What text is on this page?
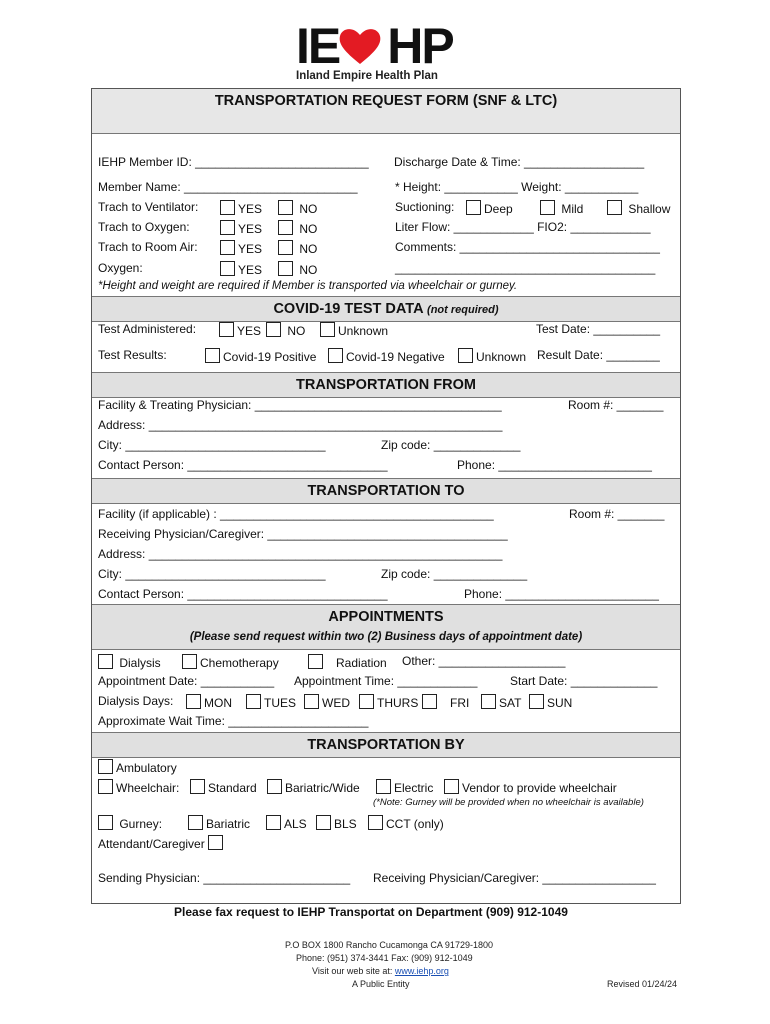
IE HP
Inland Empire Health Plan
TRANSPORTATION REQUEST FORM (SNF & LTC)
IEHP Member ID: __________________________ Discharge Date & Time: __________________
Member Name: __________________________	* Height: ___________ Weight: ___________
Trach to Ventilator:	YES	NO
Trach to Oxygen:	YES	NO
Trach to Room Air:	YES	NO
Oxygen:	YES	NO
Suctioning:	Deep	Mild	Shallow
Liter Flow: ____________ FIO2: ____________
Comments: ______________________________
_______________________________________
*Height and weight are required if Member is transported via wheelchair or gurney.
COVID-19 TEST DATA (not required)
Test Administered:	YES	NO	Unknown	Test Date: __________
Test Results:	Covid-19 Positive	Covid-19 Negative	Unknown Result Date: ________
TRANSPORTATION FROM
Facility & Treating Physician: _____________________________________	Room #: _______
Address: _____________________________________________________
City: ______________________________	Zip code: _____________
Contact Person: ______________________________	Phone: _______________________
TRANSPORTATION TO
Facility (if applicable) : _________________________________________	Room #: _______
Receiving Physician/Caregiver: ____________________________________
Address: _____________________________________________________
City: ______________________________	Zip code: ______________
Contact Person: ______________________________	Phone: _______________________
APPOINTMENTS
(Please send request within two (2) Business days of appointment date)
Dialysis	Chemotherapy	Radiation Other: ___________________
Appointment Date: ___________ Appointment Time: ____________	Start Date: _____________
Dialysis Days:	MON	TUES	WED	THURS	FRI	SAT	SUN
Approximate Wait Time: _____________________
TRANSPORTATION BY
Ambulatory
Wheelchair:	Standard	Bariatric/Wide	Electric	Vendor to provide wheelchair
(*Note: Gurney will be provided when no wheelchair is available)
Gurney:	Bariatric	ALS	BLS	CCT (only)
Attendant/Caregiver
Sending Physician: ______________________ Receiving Physician/Caregiver: _________________
Please fax request to IEHP Transportat on Department (909) 912-1049
P.O BOX 1800 Rancho Cucamonga CA 91729-1800
Phone: (951) 374-3441 Fax: (909) 912-1049
Visit our web site at: www.iehp.org
A Public Entity	Revised 01/24/24
